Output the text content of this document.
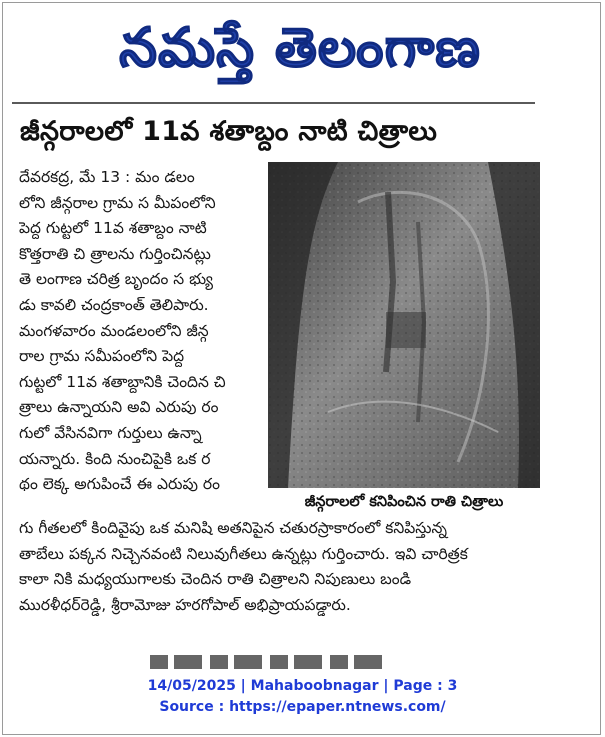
నమస్తే తెలంగాణ
జీన్గరాలలో 11వ శతాబ్దం నాటి చిత్రాలు
దేవరకద్ర, మే 13 : మం డలం
లోని జీన్గరాల గ్రామ స మీపంలోని
పెద్ద గుట్టలో 11వ శతాబ్దం నాటి
కొత్తరాతి చి త్రాలను గుర్తించినట్లు
తె లంగాణ చరిత్ర బృందం స భ్యు
డు కావలి చంద్రకాంత్ తెలిపారు.
మంగళవారం మండలంలోని జీన్గ
రాల గ్రామ సమీపంలోని పెద్ద
గుట్టలో 11వ శతాబ్దానికి చెందిన చి
త్రాలు ఉన్నాయని అవి ఎరుపు రం
గులో వేసినవిగా గుర్తులు ఉన్నా
యన్నారు. కింది నుంచిపైకి ఒక ర
థం లెక్క అగుపించే ఈ ఎరుపు రం
జీన్గరాలలో కనిపించిన రాతి చిత్రాలు
గు గీతలలో కిందివైపు ఒక మనిషి అతనిపైన చతురస్రాకారంలో కనిపిస్తున్న
తాబేలు పక్కన నిచ్చెనవంటి నిలువుగీతలు ఉన్నట్లు గుర్తించారు. ఇవి చారిత్రక
కాలా నికి మధ్యయుగాలకు చెందిన రాతి చిత్రాలని నిపుణులు బండి
మురళీధర్‌రెడ్డి, శ్రీరామోజు హరగోపాల్ అభిప్రాయపడ్డారు.
14/05/2025 | Mahaboobnagar | Page : 3
Source : https://epaper.ntnews.com/
